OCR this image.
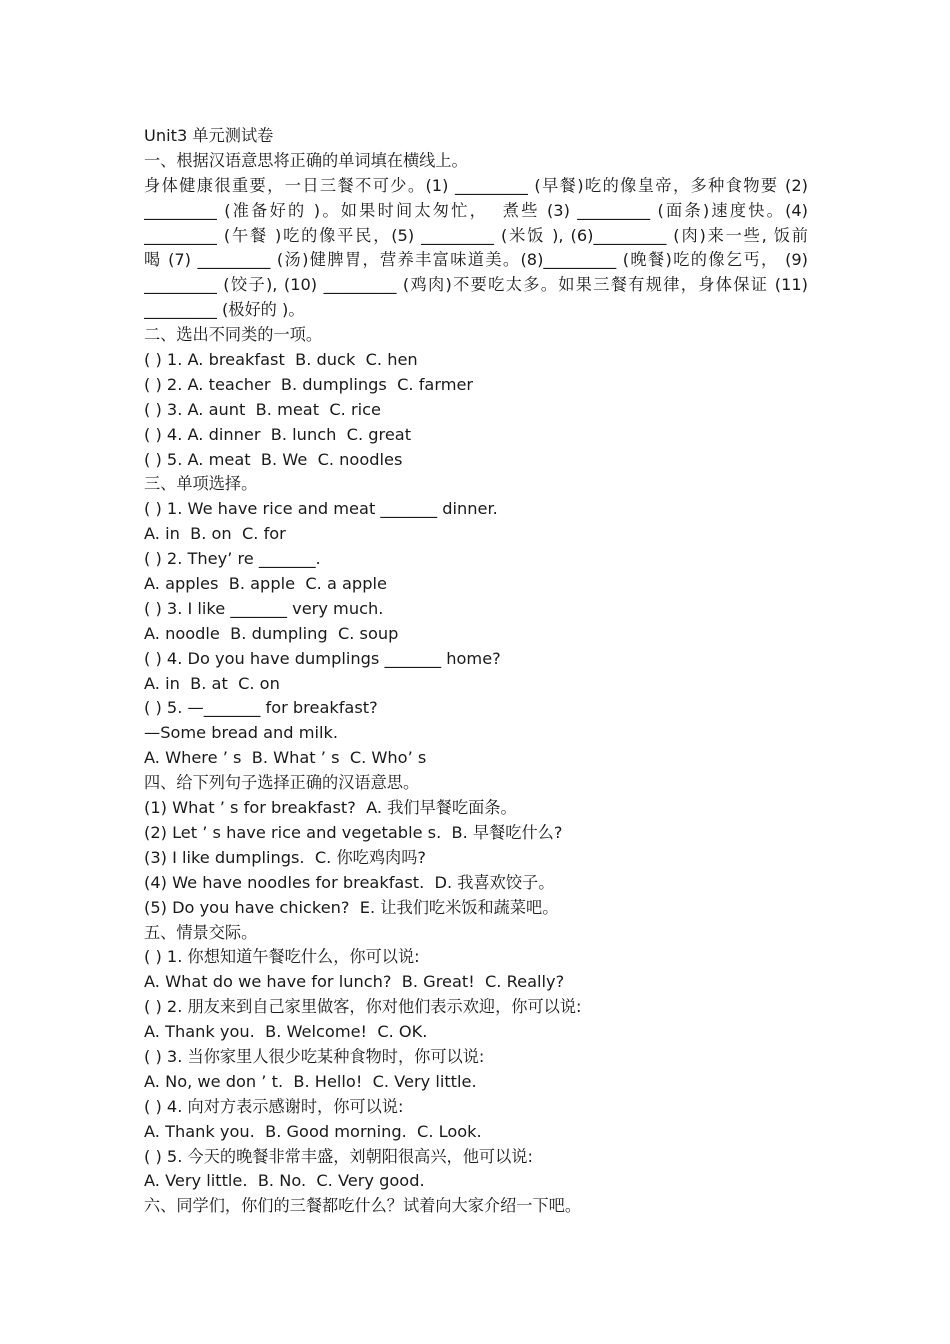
Unit3 单元测试卷
一、根据汉语意思将正确的单词填在横线上。
身体健康很重要，一日三餐不可少。(1) _________ (早餐)吃的像皇帝，多种食物要 (2)
_________ (准备好的 )。如果时间太匆忙，  煮些 (3) _________ (面条)速度快。(4)
_________ (午餐 )吃的像平民，(5) _________ (米饭 ), (6)_________ (肉)来一些, 饭前
喝 (7) _________ (汤)健脾胃，营养丰富味道美。(8)_________ (晚餐)吃的像乞丐， (9)
_________ (饺子), (10) _________ (鸡肉)不要吃太多。如果三餐有规律，身体保证 (11)
_________ (极好的 )。
二、选出不同类的一项。
( ) 1. A. breakfast  B. duck  C. hen
( ) 2. A. teacher  B. dumplings  C. farmer
( ) 3. A. aunt  B. meat  C. rice
( ) 4. A. dinner  B. lunch  C. great
( ) 5. A. meat  B. We  C. noodles
三、单项选择。
( ) 1. We have rice and meat _______ dinner.
A. in  B. on  C. for
( ) 2. They’ re _______.
A. apples  B. apple  C. a apple
( ) 3. I like _______ very much.
A. noodle  B. dumpling  C. soup
( ) 4. Do you have dumplings _______ home?
A. in  B. at  C. on
( ) 5. —_______ for breakfast?
—Some bread and milk.
A. Where ’ s  B. What ’ s  C. Who’ s
四、给下列句子选择正确的汉语意思。
(1) What ’ s for breakfast?  A. 我们早餐吃面条。
(2) Let ’ s have rice and vegetable s.  B. 早餐吃什么?
(3) I like dumplings.  C. 你吃鸡肉吗?
(4) We have noodles for breakfast.  D. 我喜欢饺子。
(5) Do you have chicken?  E. 让我们吃米饭和蔬菜吧。
五、情景交际。
( ) 1. 你想知道午餐吃什么，你可以说:
A. What do we have for lunch?  B. Great!  C. Really?
( ) 2. 朋友来到自己家里做客，你对他们表示欢迎，你可以说:
A. Thank you.  B. Welcome!  C. OK.
( ) 3. 当你家里人很少吃某种食物时，你可以说:
A. No, we don ’ t.  B. Hello!  C. Very little.
( ) 4. 向对方表示感谢时，你可以说:
A. Thank you.  B. Good morning.  C. Look.
( ) 5. 今天的晚餐非常丰盛，刘朝阳很高兴，他可以说:
A. Very little.  B. No.  C. Very good.
六、同学们，你们的三餐都吃什么？试着向大家介绍一下吧。
